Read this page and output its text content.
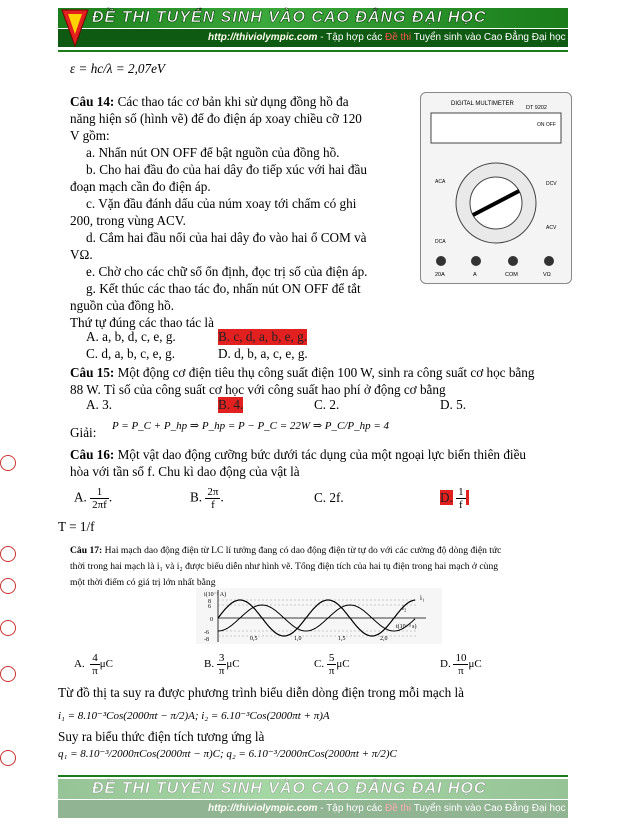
ĐỀ THI TUYỂN SINH VÀO CAO ĐẲNG ĐẠI HỌC
http://thiviolympic.com - Tập hợp các Đề thi Tuyển sinh vào Cao Đẳng Đại học
ε = hc/λ = 2,07eV
Câu 14: Các thao tác cơ bản khi sử dụng đồng hồ đa
năng hiện số (hình vẽ) để đo điện áp xoay chiều cỡ 120
V gồm:
a. Nhấn nút ON OFF để bật nguồn của đồng hồ.
b. Cho hai đầu đo của hai dây đo tiếp xúc với hai đầu
đoạn mạch cần đo điện áp.
c. Vặn đầu đánh dấu của núm xoay tới chấm có ghi
200, trong vùng ACV.
d. Cắm hai đầu nối của hai dây đo vào hai ổ COM và
VΩ.
e. Chờ cho các chữ số ổn định, đọc trị số của điện áp.
g. Kết thúc các thao tác đo, nhấn nút ON OFF để tắt
nguồn của đồng hồ.
Thứ tự đúng các thao tác là
A. a, b, d, c, e, g.	B. c, d, a, b, e, g.
C. d, a, b, c, e, g.	D. d, b, a, c, e, g.
DIGITAL MULTIMETER
DT 9202
ON OFF
DCV
ACV
ACA
DCA
20A	A	COM	VΩ
Câu 15: Một động cơ điện tiêu thụ công suất điện 100 W, sinh ra công suất cơ học bằng
88 W. Tỉ số của công suất cơ học với công suất hao phí ở động cơ bằng
A. 3.	B. 4.	C. 2.	D. 5.
Giải: P = P_C + P_hp ⇒ P_hp = P − P_C = 22W ⇒ P_C/P_hp = 4
Câu 16: Một vật dao động cưỡng bức dưới tác dụng của một ngoại lực biến thiên điều
hòa với tần số f. Chu kì dao động của vật là
A. $\frac{1}{2\pi f}$ .	B. $\frac{2\pi}{f}$ .	C. 2f.	D. $\frac{1}{f}$

T = 1/f
Câu 17: Hai mạch dao động điện từ LC lí tưởng đang có dao động điện từ tự do với các cường độ dòng điện tức
thời trong hai mạch là i₁ và i₂ được biểu diễn như hình vẽ. Tổng điện tích của hai tụ điện trong hai mạch ở cùng
một thời điểm có giá trị lớn nhất bằng
i(10⁻³ A)
t(10⁻³ s)
8
6
0
-6
-8	0,5	1,0	1,5	2,0
i₁
i₂
A. $\frac{4}{\pi}$ μC	B. $\frac{3}{\pi}$ μC	C. $\frac{5}{\pi}$ μC	D. $\frac{10}{\pi}$ μC
Từ đồ thị ta suy ra được phương trình biểu diễn dòng điện trong mỗi mạch là
i₁ = 8.10⁻³Cos(2000πt − π/2)A; i₂ = 6.10⁻³Cos(2000πt + π)A
Suy ra biểu thức điện tích tương ứng là
q₁ = 8.10⁻³/2000πCos(2000πt − π)C; q₂ = 6.10⁻³/2000πCos(2000πt + π/2)C
ĐỀ THI TUYỂN SINH VÀO CAO ĐẲNG ĐẠI HỌC
http://thiviolympic.com - Tập hợp các Đề thi Tuyển sinh vào Cao Đẳng Đại học
